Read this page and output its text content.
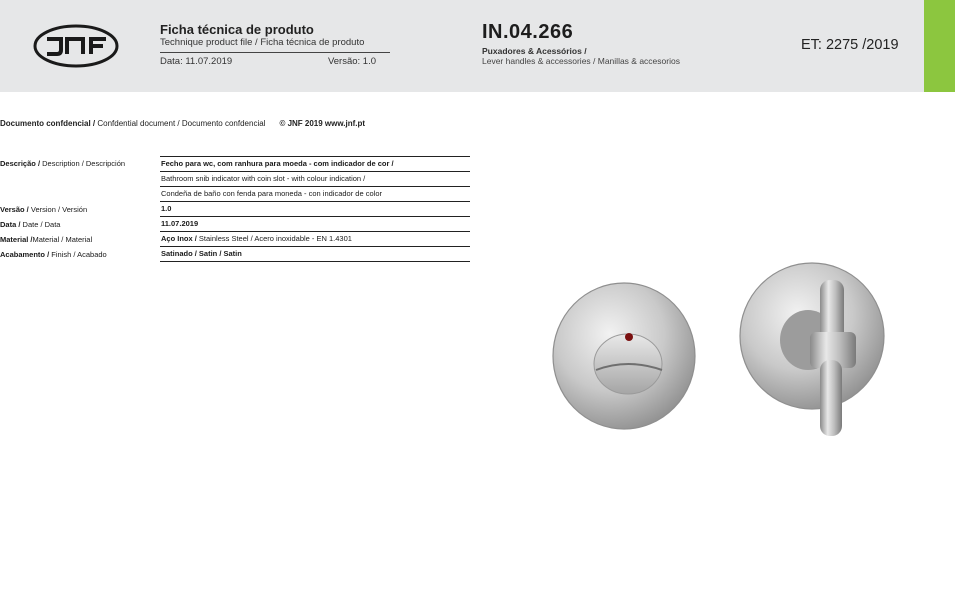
Ficha técnica de produto
Technique product file / Ficha técnica de produto
Data: 11.07.2019	Versão: 1.0
IN.04.266
Puxadores & Acessórios /
Lever handles & accessories / Manillas & accesorios
ET: 2275 /2019
Documento confdencial / Confdential document / Documento confdencial © JNF 2019 www.jnf.pt
Descrição / Description / Descripción	Fecho para wc, com ranhura para moeda - com indicador de cor /
Bathroom snib indicator with coin slot - with colour indication /
Condeña de baño con fenda para moneda - con indicador de color
Versão / Version / Versión	1.0
Data / Date / Data	11.07.2019
Material /Material / Material	Aço Inox / Stainless Steel / Acero inoxidable - EN 1.4301
Acabamento / Finish / Acabado	Satinado / Satin / Satin
